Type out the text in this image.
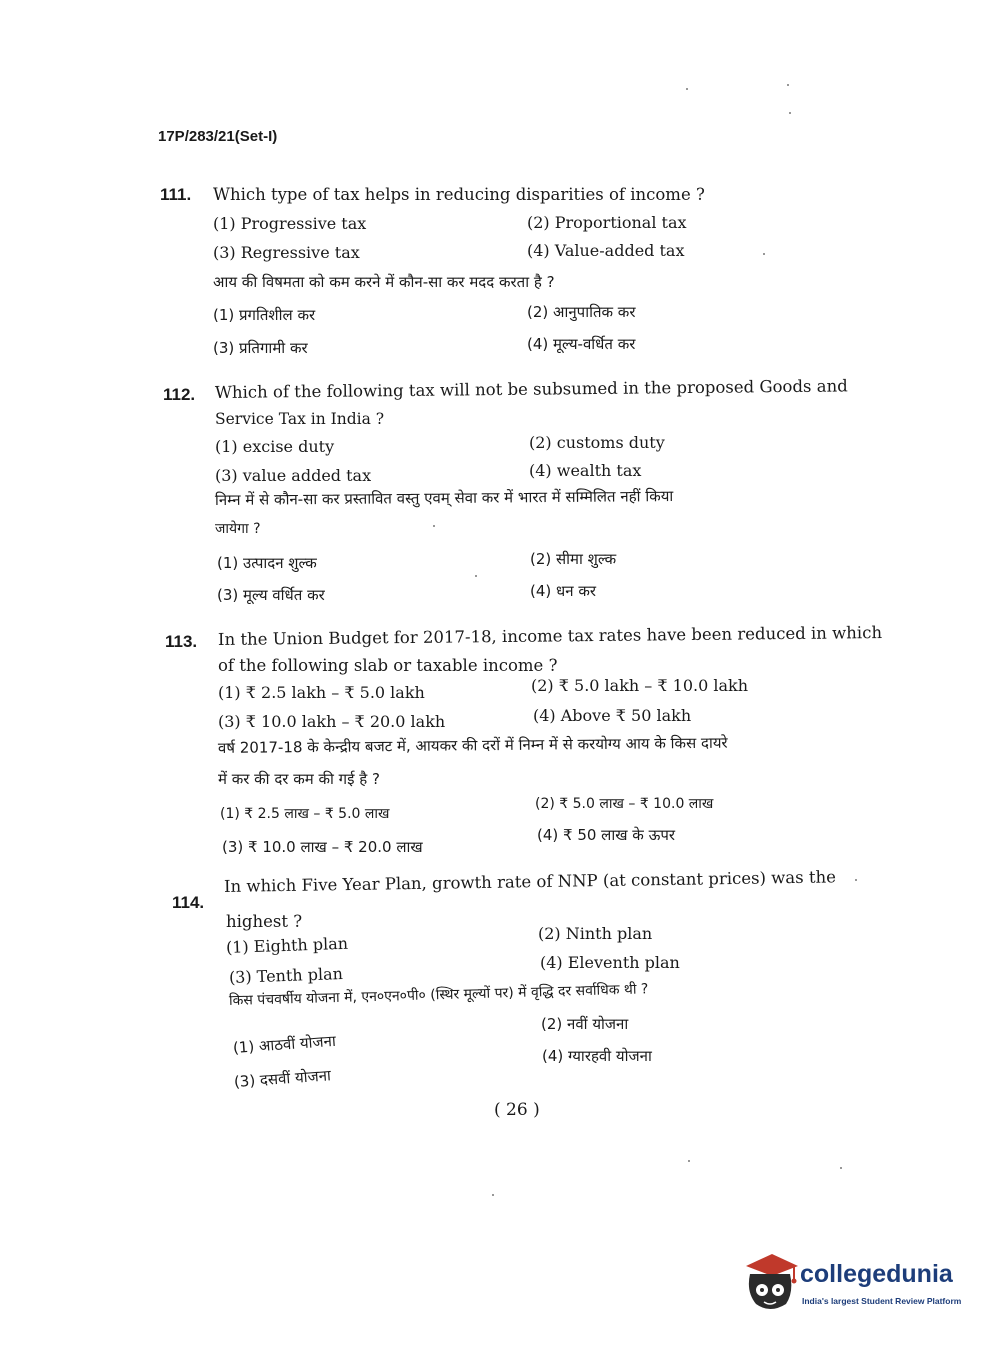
17P/283/21(Set-I)
111. Which type of tax helps in reducing disparities of income ?
(1) Progressive tax	(2) Proportional tax
(3) Regressive tax	(4) Value-added tax
आय की विषमता को कम करने में कौन-सा कर मदद करता है ?
(1) प्रगतिशील कर	(2) आनुपातिक कर
(3) प्रतिगामी कर	(4) मूल्य-वर्धित कर
112. Which of the following tax will not be subsumed in the proposed Goods and
Service Tax in India ?
(1) excise duty	(2) customs duty
(3) value added tax	(4) wealth tax
निम्न में से कौन-सा कर प्रस्तावित वस्तु एवम् सेवा कर में भारत में सम्मिलित नहीं किया
जायेगा ?
(1) उत्पादन शुल्क	(2) सीमा शुल्क
(3) मूल्य वर्धित कर	(4) धन कर
113. In the Union Budget for 2017-18, income tax rates have been reduced in which
of the following slab or taxable income ?
(1) ₹ 2.5 lakh – ₹ 5.0 lakh	(2) ₹ 5.0 lakh – ₹ 10.0 lakh
(3) ₹ 10.0 lakh – ₹ 20.0 lakh	(4) Above ₹ 50 lakh
वर्ष 2017-18 के केन्द्रीय बजट में, आयकर की दरों में निम्न में से करयोग्य आय के किस दायरे
में कर की दर कम की गई है ?
(1) ₹ 2.5 लाख – ₹ 5.0 लाख
(2) ₹ 5.0 लाख – ₹ 10.0 लाख
(3) ₹ 10.0 लाख – ₹ 20.0 लाख
(4) ₹ 50 लाख के ऊपर
114.
In which Five Year Plan, growth rate of NNP (at constant prices) was the
highest ?
(1) Eighth plan
(2) Ninth plan
(3) Tenth plan
(4) Eleventh plan
किस पंचवर्षीय योजना में, एन०एन०पी० (स्थिर मूल्यों पर) में वृद्धि दर सर्वाधिक थी ?
(1) आठवीं योजना
(2) नवीं योजना
(3) दसवीं योजना
(4) ग्यारहवी योजना
( 26 )
collegedunia
India's largest Student Review Platform
